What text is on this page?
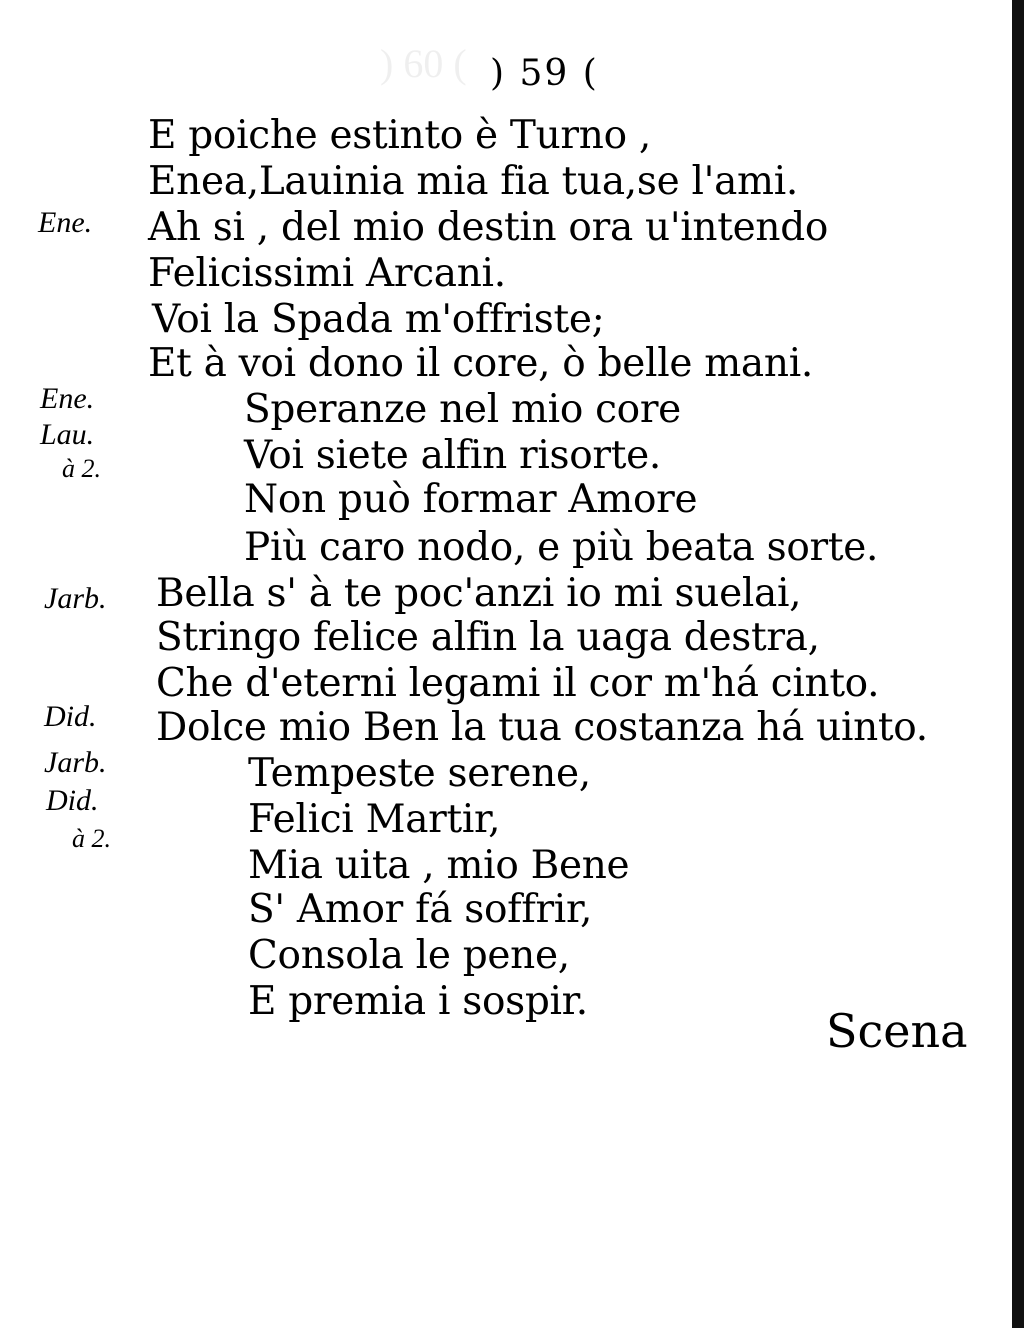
) 60 (

) 59 (
Ene.
Ene.
Lau.
à 2.
Jarb.
Did.
Jarb.
Did.
à 2.
E poiche estinto è Turno ,
Enea,Lauinia mia fia tua,se l'ami.
Ah si , del mio destin ora u'intendo
Felicissimi Arcani.
Voi la Spada m'offriste;
Et à voi dono il core, ò belle mani.
Speranze nel mio core
Voi siete alfin risorte.
Non può formar Amore
Più caro nodo, e più beata sorte.
Bella s' à te poc'anzi io mi suelai,
Stringo felice alfin la uaga destra,
Che d'eterni legami il cor m'há cinto.
Dolce mio Ben la tua costanza há uinto.
Tempeste serene,
Felici Martir,
Mia uita , mio Bene
S' Amor fá soffrir,
Consola le pene,
E premia i sospir.
Scena
